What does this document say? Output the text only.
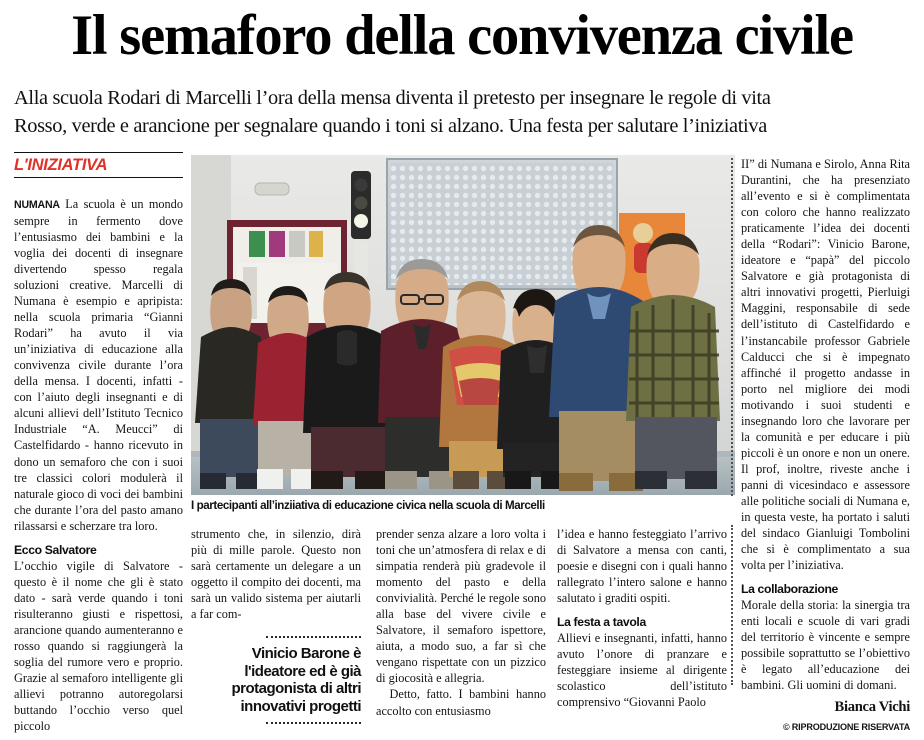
Il semaforo della convivenza civile
Alla scuola Rodari di Marcelli l’ora della mensa diventa il pretesto per insegnare le regole di vita
Rosso, verde e arancione per segnalare quando i toni si alzano. Una festa per salutare l’iniziativa
L'INIZIATIVA

NUMANA La scuola è un mondo sempre in fermento dove l’entusiasmo dei bambini e la voglia dei docenti di insegnare divertendo spesso regala soluzioni creative. Marcelli di Numana è esempio e apripista: nella scuola primaria “Gianni Rodari” ha avuto il via un’iniziativa di educazione alla convivenza civile durante l’ora della mensa. I docenti, infatti - con l’aiuto degli insegnanti e di alcuni allievi dell’Istituto Tecnico Industriale “A. Meucci” di Castelfidardo - hanno ricevuto in dono un semaforo che con i suoi tre classici colori modulerà il naturale gioco di voci dei bambini che durante l’ora del pasto amano rilassarsi e scherzare tra loro.

Ecco Salvatore

L’occhio vigile di Salvatore - questo è il nome che gli è stato dato - sarà verde quando i toni risulteranno giusti e rispettosi, arancione quando aumenteranno e rosso quando si raggiungerà la soglia del rumore vero e proprio. Grazie al semaforo intelligente gli allievi potranno autoregolarsi buttando l’occhio verso quel piccolo

I partecipanti all’inziiativa di educazione civica nella scuola di Marcelli

strumento che, in silenzio, dirà più di mille parole. Questo non sarà certamente un delegare a un oggetto il compito dei docenti, ma sarà un valido sistema per aiutarli a far com-

Vinicio Barone è l'ideatore ed è già protagonista di altri innovativi progetti

prender senza alzare a loro volta i toni che un’atmosfera di relax e di simpatia renderà più gradevole il momento del pasto e della convivialità. Perché le regole sono alla base del vivere civile e Salvatore, il semaforo ispettore, aiuta, a modo suo, a far sì che vengano rispettate con un pizzico di giocosità e allegria.

Detto, fatto. I bambini hanno accolto con entusiasmo

l’idea e hanno festeggiato l’arrivo di Salvatore a mensa con canti, poesie e disegni con i quali hanno rallegrato l’intero salone e hanno salutato i graditi ospiti.

La festa a tavola

Allievi e insegnanti, infatti, hanno avuto l’onore di pranzare e festeggiare insieme al dirigente scolastico dell’istituto comprensivo “Giovanni Paolo

II” di Numana e Sirolo, Anna Rita Durantini, che ha presenziato all’evento e si è complimentata con coloro che hanno realizzato praticamente l’idea dei docenti della “Rodari”: Vinicio Barone, ideatore e “papà” del piccolo Salvatore e già protagonista di altri innovativi progetti, Pierluigi Maggini, responsabile di sede dell’istituto di Castelfidardo e l’instancabile professor Gabriele Calducci che si è impegnato affinché il progetto andasse in porto nel migliore dei modi motivando i suoi studenti e insegnando loro che lavorare per la comunità e per educare i più piccoli è un onore e non un onere. Il prof, inoltre, riveste anche i panni di vicesindaco e assessore alle politiche sociali di Numana e, in questa veste, ha portato i saluti del sindaco Gianluigi Tombolini che si è complimentato a sua volta per l’iniziativa.

La collaborazione

Morale della storia: la sinergia tra enti locali e scuole di vari gradi del territorio è vincente e sempre possibile soprattutto se l’obiettivo è legato all’educazione dei bambini. Gli uomini di domani.

Bianca Vichi
© RIPRODUZIONE RISERVATA
